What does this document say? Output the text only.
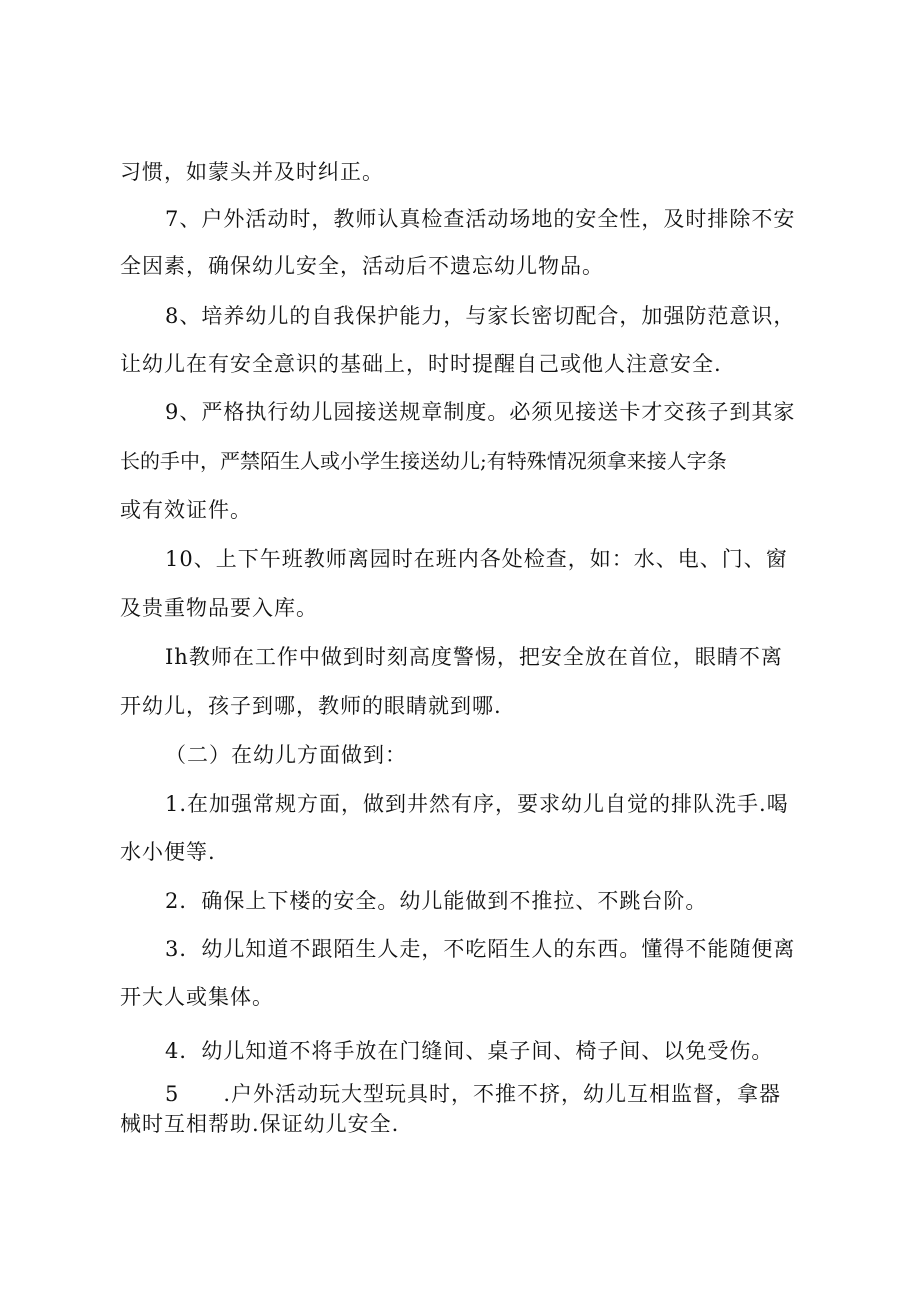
习惯，如蒙头并及时纠正。
7、户外活动时，教师认真检查活动场地的安全性，及时排除不安
全因素，确保幼儿安全，活动后不遗忘幼儿物品。
8、培养幼儿的自我保护能力，与家长密切配合，加强防范意识，
让幼儿在有安全意识的基础上，时时提醒自己或他人注意安全.
9、严格执行幼儿园接送规章制度。必须见接送卡才交孩子到其家
长的手中，严禁陌生人或小学生接送幼儿;有特殊情况须拿来接人字条
或有效证件。
10、上下午班教师离园时在班内各处检查，如：水、电、门、窗
及贵重物品要入库。
Ih教师在工作中做到时刻高度警惕，把安全放在首位，眼睛不离
开幼儿，孩子到哪，教师的眼睛就到哪.
（二）在幼儿方面做到：
1.在加强常规方面，做到井然有序，要求幼儿自觉的排队洗手.喝
水小便等.
2．确保上下楼的安全。幼儿能做到不推拉、不跳台阶。
3．幼儿知道不跟陌生人走，不吃陌生人的东西。懂得不能随便离
开大人或集体。
4．幼儿知道不将手放在门缝间、桌子间、椅子间、以免受伤。
5　　.户外活动玩大型玩具时，不推不挤，幼儿互相监督，拿器
械时互相帮助.保证幼儿安全.
